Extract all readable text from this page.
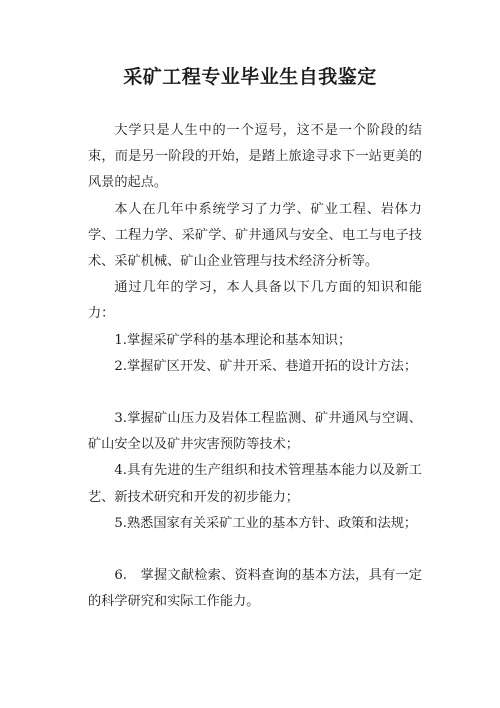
采矿工程专业毕业生自我鉴定

大学只是人生中的一个逗号，这不是一个阶段的结束，而是另一阶段的开始，是踏上旅途寻求下一站更美的风景的起点。

本人在几年中系统学习了力学、矿业工程、岩体力学、工程力学、采矿学、矿井通风与安全、电工与电子技术、采矿机械、矿山企业管理与技术经济分析等。

通过几年的学习，本人具备以下几方面的知识和能力：

1.掌握采矿学科的基本理论和基本知识；

2.掌握矿区开发、矿井开采、巷道开拓的设计方法；

3.掌握矿山压力及岩体工程监测、矿井通风与空调、矿山安全以及矿井灾害预防等技术；

4.具有先进的生产组织和技术管理基本能力以及新工艺、新技术研究和开发的初步能力；

5.熟悉国家有关采矿工业的基本方针、政策和法规；

6.　掌握文献检索、资料查询的基本方法，具有一定的科学研究和实际工作能力。
